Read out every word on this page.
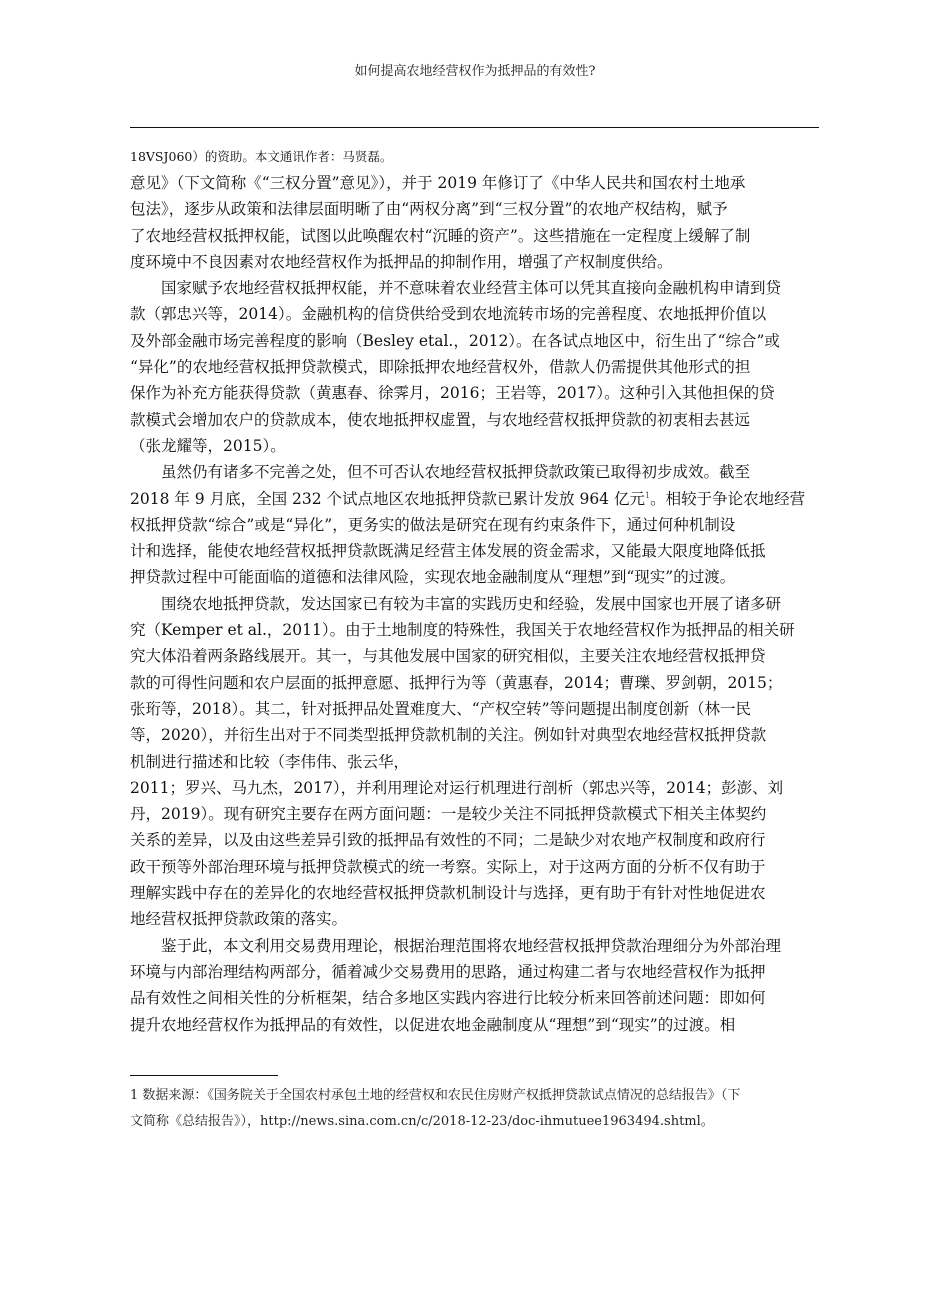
如何提高农地经营权作为抵押品的有效性?
18VSJ060）的资助。本文通讯作者：马贤磊。

意见》（下文简称《“三权分置”意见》），并于 2019 年修订了《中华人民共和国农村土地承
包法》，逐步从政策和法律层面明晰了由“两权分离”到“三权分置”的农地产权结构，赋予
了农地经营权抵押权能，试图以此唤醒农村“沉睡的资产”。这些措施在一定程度上缓解了制
度环境中不良因素对农地经营权作为抵押品的抑制作用，增强了产权制度供给。

国家赋予农地经营权抵押权能，并不意味着农业经营主体可以凭其直接向金融机构申请到贷
款（郭忠兴等，2014）。金融机构的信贷供给受到农地流转市场的完善程度、农地抵押价值以
及外部金融市场完善程度的影响（Besley etal.，2012）。在各试点地区中，衍生出了“综合”或
“异化”的农地经营权抵押贷款模式，即除抵押农地经营权外，借款人仍需提供其他形式的担
保作为补充方能获得贷款（黄惠春、徐霁月，2016；王岩等，2017）。这种引入其他担保的贷
款模式会增加农户的贷款成本，使农地抵押权虚置，与农地经营权抵押贷款的初衷相去甚远
（张龙耀等，2015）。

虽然仍有诸多不完善之处，但不可否认农地经营权抵押贷款政策已取得初步成效。截至
2018 年 9 月底，全国 232 个试点地区农地抵押贷款已累计发放 964 亿元$^1$。相较于争论农地经营
权抵押贷款“综合”或是“异化”，更务实的做法是研究在现有约束条件下，通过何种机制设
计和选择，能使农地经营权抵押贷款既满足经营主体发展的资金需求，又能最大限度地降低抵
押贷款过程中可能面临的道德和法律风险，实现农地金融制度从“理想”到“现实”的过渡。

围绕农地抵押贷款，发达国家已有较为丰富的实践历史和经验，发展中国家也开展了诸多研
究（Kemper et al.，2011）。由于土地制度的特殊性，我国关于农地经营权作为抵押品的相关研
究大体沿着两条路线展开。其一，与其他发展中国家的研究相似，主要关注农地经营权抵押贷
款的可得性问题和农户层面的抵押意愿、抵押行为等（黄惠春，2014；曹瓅、罗剑朝，2015；
张珩等，2018）。其二，针对抵押品处置难度大、“产权空转”等问题提出制度创新（林一民
等，2020），并衍生出对于不同类型抵押贷款机制的关注。例如针对典型农地经营权抵押贷款
机制进行描述和比较（李伟伟、张云华，
2011；罗兴、马九杰，2017），并利用理论对运行机理进行剖析（郭忠兴等，2014；彭澎、刘
丹，2019）。现有研究主要存在两方面问题：一是较少关注不同抵押贷款模式下相关主体契约
关系的差异，以及由这些差异引致的抵押品有效性的不同；二是缺少对农地产权制度和政府行
政干预等外部治理环境与抵押贷款模式的统一考察。实际上，对于这两方面的分析不仅有助于
理解实践中存在的差异化的农地经营权抵押贷款机制设计与选择，更有助于有针对性地促进农
地经营权抵押贷款政策的落实。

鉴于此，本文利用交易费用理论，根据治理范围将农地经营权抵押贷款治理细分为外部治理
环境与内部治理结构两部分，循着减少交易费用的思路，通过构建二者与农地经营权作为抵押
品有效性之间相关性的分析框架，结合多地区实践内容进行比较分析来回答前述问题：即如何
提升农地经营权作为抵押品的有效性，以促进农地金融制度从“理想”到“现实”的过渡。相

1 数据来源：《国务院关于全国农村承包土地的经营权和农民住房财产权抵押贷款试点情况的总结报告》（下
文简称《总结报告》），http://news.sina.com.cn/c/2018-12-23/doc-ihmutuee1963494.shtml。
